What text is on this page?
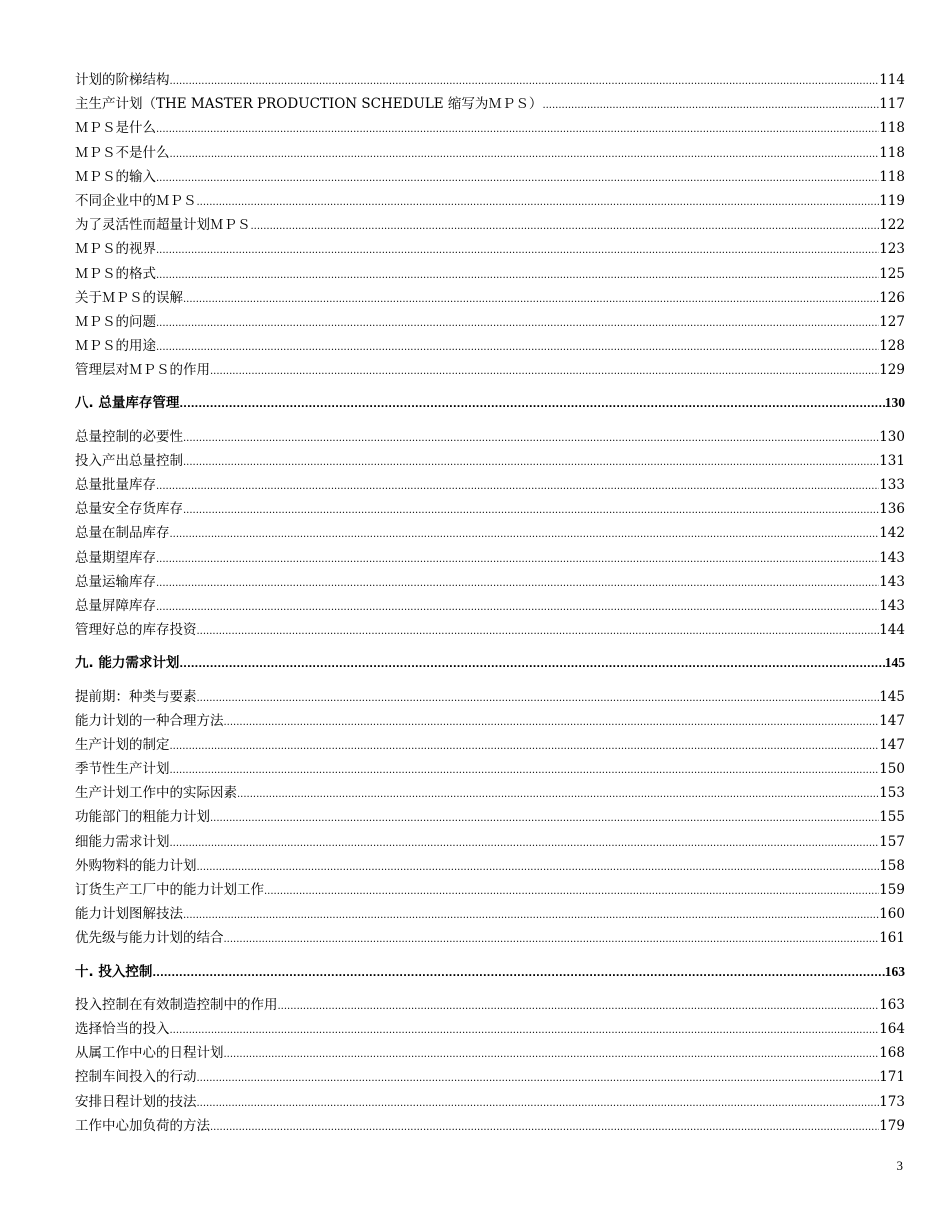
计划的阶梯结构 .....	114
主生产计划（THE MASTER PRODUCTION SCHEDULE 缩写为ＭＰＳ） .....	117
ＭＰＳ是什么 .....	118
ＭＰＳ不是什么 .....	118
ＭＰＳ的输入 .....	118
不同企业中的ＭＰＳ .....	119
为了灵活性而超量计划ＭＰＳ .....	122
ＭＰＳ的视界 .....	123
ＭＰＳ的格式 .....	125
关于ＭＰＳ的误解 .....	126
ＭＰＳ的问题 .....	127
ＭＰＳ的用途 .....	128
管理层对ＭＰＳ的作用 .....	129
八. 总量库存管理 .....	130
总量控制的必要性 .....	130
投入产出总量控制 .....	131
总量批量库存 .....	133
总量安全存货库存 .....	136
总量在制品库存 .....	142
总量期望库存 .....	143
总量运输库存 .....	143
总量屏障库存 .....	143
管理好总的库存投资 .....	144
九. 能力需求计划 .....	145
提前期：种类与要素 .....	145
能力计划的一种合理方法 .....	147
生产计划的制定 .....	147
季节性生产计划 .....	150
生产计划工作中的实际因素 .....	153
功能部门的粗能力计划 .....	155
细能力需求计划 .....	157
外购物料的能力计划 .....	158
订货生产工厂中的能力计划工作 .....	159
能力计划图解技法 .....	160
优先级与能力计划的结合 .....	161
十. 投入控制 .....	163
投入控制在有效制造控制中的作用 .....	163
选择恰当的投入 .....	164
从属工作中心的日程计划 .....	168
控制车间投入的行动 .....	171
安排日程计划的技法 .....	173
工作中心加负荷的方法 .....	179
3
